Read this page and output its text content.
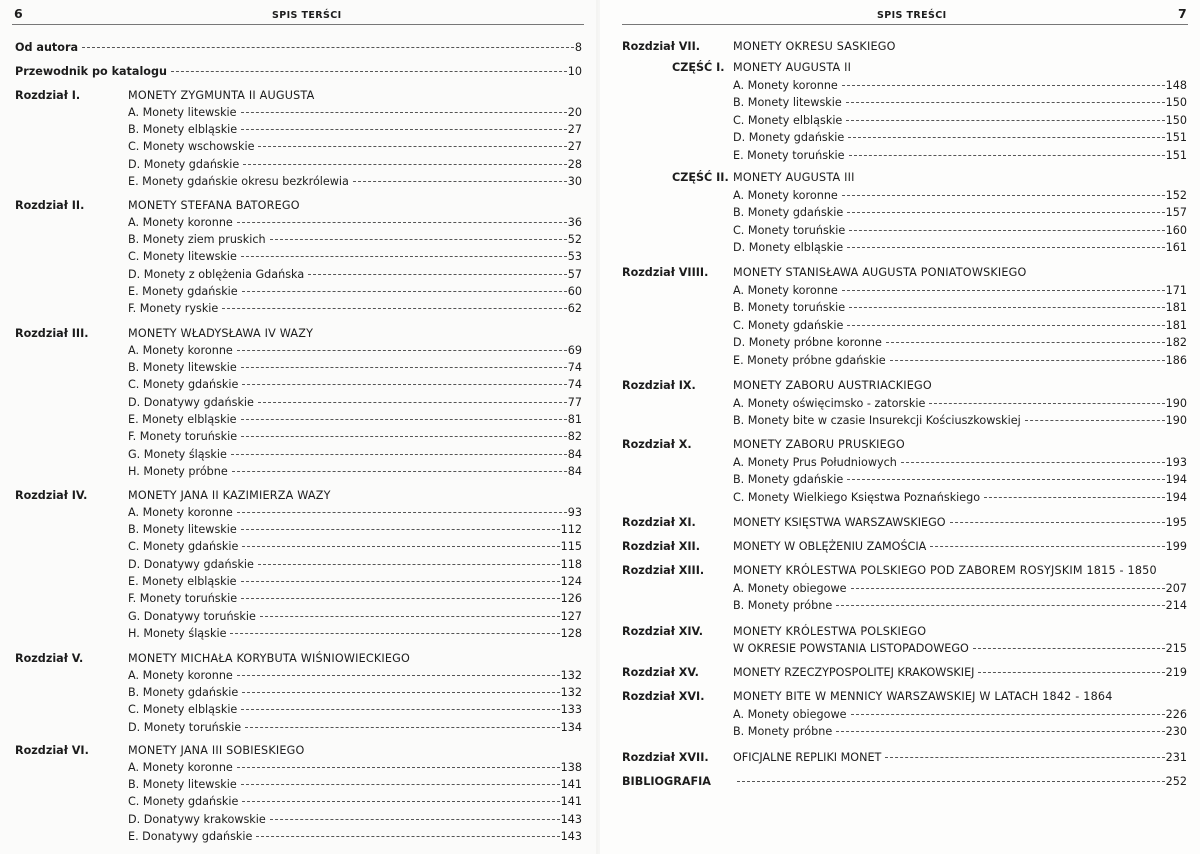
6	SPIS TERŚCI
Od autora	8
Przewodnik po katalogu	10
Rozdział I.	MONETY ZYGMUNTA II AUGUSTA
A. Monety litewskie	20
B. Monety elbląskie	27
C. Monety wschowskie	27
D. Monety gdańskie	28
E. Monety gdańskie okresu bezkrólewia	30
Rozdział II.	MONETY STEFANA BATOREGO
A. Monety koronne	36
B. Monety ziem pruskich	52
C. Monety litewskie	53
D. Monety z oblężenia Gdańska	57
E. Monety gdańskie	60
F. Monety ryskie	62
Rozdział III.	MONETY WŁADYSŁAWA IV WAZY
A. Monety koronne	69
B. Monety litewskie	74
C. Monety gdańskie	74
D. Donatywy gdańskie	77
E. Monety elbląskie	81
F. Monety toruńskie	82
G. Monety śląskie	84
H. Monety próbne	84
Rozdział IV.	MONETY JANA II KAZIMIERZA WAZY
A. Monety koronne	93
B. Monety litewskie	112
C. Monety gdańskie	115
D. Donatywy gdańskie	118
E. Monety elbląskie	124
F. Monety toruńskie	126
G. Donatywy toruńskie	127
H. Monety śląskie	128
Rozdział V.	MONETY MICHAŁA KORYBUTA WIŚNIOWIECKIEGO
A. Monety koronne	132
B. Monety gdańskie	132
C. Monety elbląskie	133
D. Monety toruńskie	134
Rozdział VI.	MONETY JANA III SOBIESKIEGO
A. Monety koronne	138
B. Monety litewskie	141
C. Monety gdańskie	141
D. Donatywy krakowskie	143
E. Donatywy gdańskie	143
SPIS TREŚCI	7
Rozdział VII.	MONETY OKRESU SASKIEGO
CZĘŚĆ I. MONETY AUGUSTA II
A. Monety koronne	148
B. Monety litewskie	150
C. Monety elbląskie	150
D. Monety gdańskie	151
E. Monety toruńskie	151
CZĘŚĆ II. MONETY AUGUSTA III
A. Monety koronne	152
B. Monety gdańskie	157
C. Monety toruńskie	160
D. Monety elbląskie	161
Rozdział VIIII. MONETY STANISŁAWA AUGUSTA PONIATOWSKIEGO
A. Monety koronne	171
B. Monety toruńskie	181
C. Monety gdańskie	181
D. Monety próbne koronne	182
E. Monety próbne gdańskie	186
Rozdział IX.	MONETY ZABORU AUSTRIACKIEGO
A. Monety oświęcimsko - zatorskie	190
B. Monety bite w czasie Insurekcji Kościuszkowskiej	190
Rozdział X.	MONETY ZABORU PRUSKIEGO
A. Monety Prus Południowych	193
B. Monety gdańskie	194
C. Monety Wielkiego Księstwa Poznańskiego	194
Rozdział XI.	MONETY KSIĘSTWA WARSZAWSKIEGO	195
Rozdział XII.	MONETY W OBLĘŻENIU ZAMOŚCIA	199
Rozdział XIII.	MONETY KRÓLESTWA POLSKIEGO POD ZABOREM ROSYJSKIM 1815 - 1850
A. Monety obiegowe	207
B. Monety próbne	214
Rozdział XIV.	MONETY KRÓLESTWA POLSKIEGO
W OKRESIE POWSTANIA LISTOPADOWEGO	215
Rozdział XV.	MONETY RZECZYPOSPOLITEJ KRAKOWSKIEJ	219
Rozdział XVI.	MONETY BITE W MENNICY WARSZAWSKIEJ W LATACH 1842 - 1864
A. Monety obiegowe	226
B. Monety próbne	230
Rozdział XVII. OFICJALNE REPLIKI MONET	231
BIBLIOGRAFIA	252
